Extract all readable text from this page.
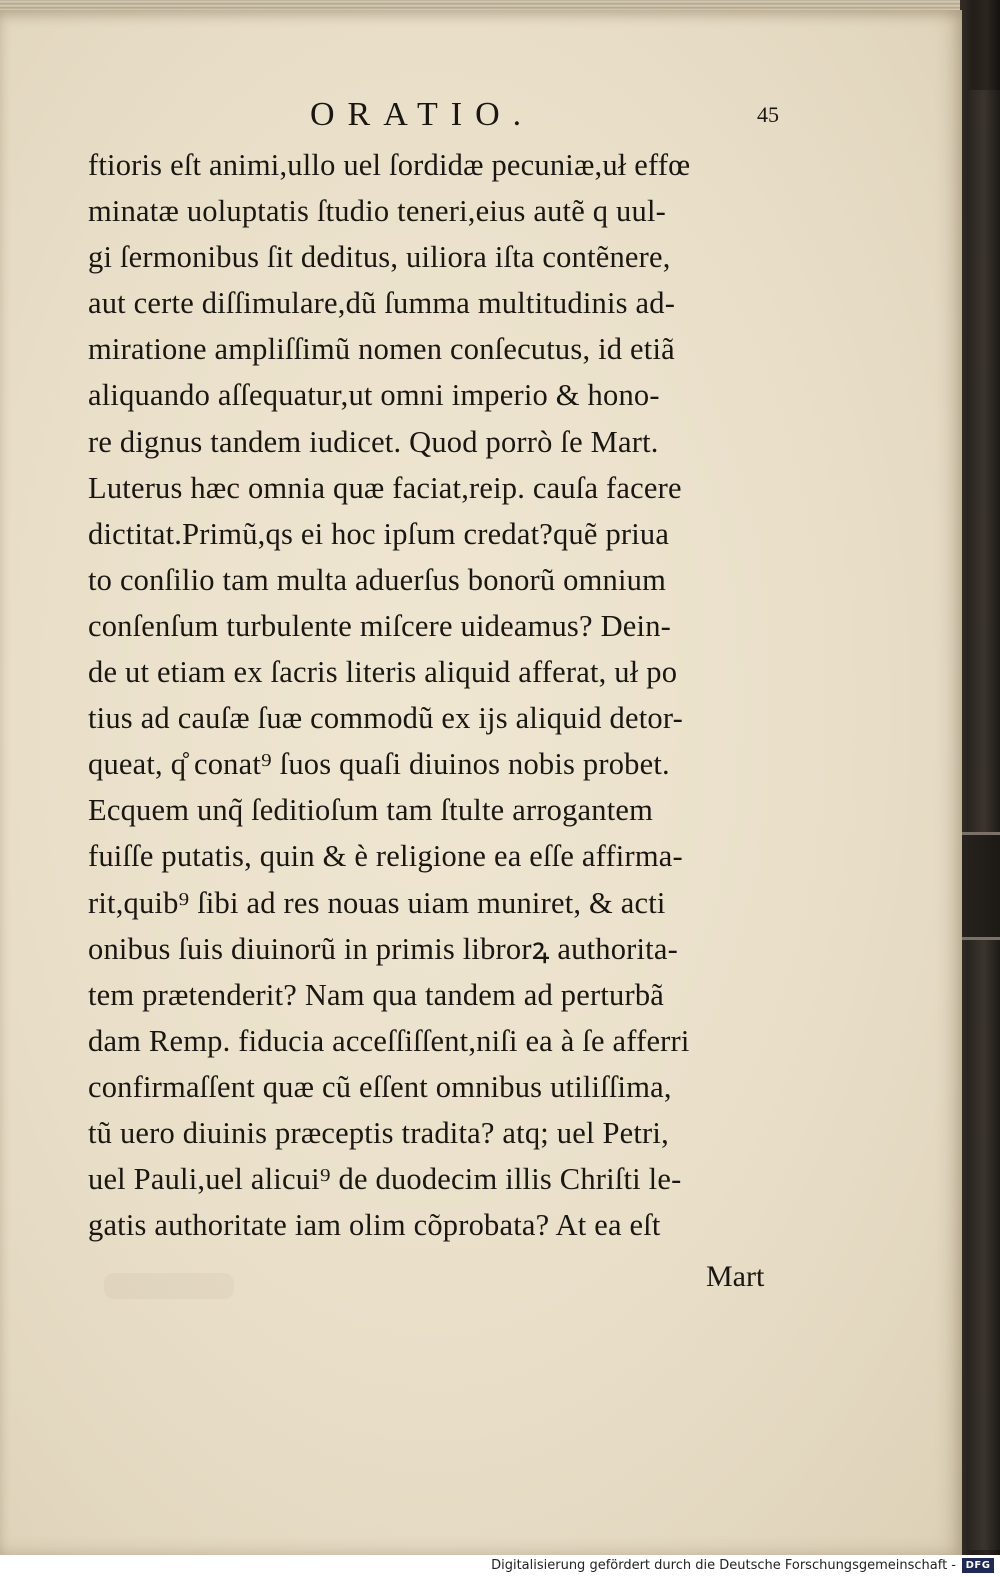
ORATIO.	45
ftioris eſt animi,ullo uel ſordidæ pecuniæ,uł effœ
minatæ uoluptatis ſtudio teneri,eius autẽ q uul-
gi ſermonibus ſit deditus, uiliora iſta contẽnere,
aut certe diſſimulare,dũ ſumma multitudinis ad-
miratione ampliſſimũ nomen conſecutus, id etiã
aliquando aſſequatur,ut omni imperio & hono-
re dignus tandem iudicet. Quod porrò ſe Mart.
Luterus hæc omnia quæ faciat,reip. cauſa facere
dictitat.Primũ,qs ei hoc ipſum credat?quẽ priua
to conſilio tam multa aduerſus bonorũ omnium
conſenſum turbulente miſcere uideamus? Dein-
de ut etiam ex ſacris literis aliquid afferat, uł po
tius ad cauſæ ſuæ commodũ ex ijs aliquid detor-
queat, q̊ conat⁹ ſuos quaſi diuinos nobis probet.
Ecquem unq̃ ſeditioſum tam ſtulte arrogantem
fuiſſe putatis, quin & è religione ea eſſe affirma-
rit,quib⁹ ſibi ad res nouas uiam muniret, & acti
onibus ſuis diuinorũ in primis librorꝝ authorita-
tem prætenderit? Nam qua tandem ad perturbã
dam Remp. fiducia acceſſiſſent,niſi ea à ſe afferri
confirmaſſent quæ cũ eſſent omnibus utiliſſima,
tũ uero diuinis præceptis tradita? atq; uel Petri,
uel Pauli,uel alicui⁹ de duodecim illis Chriſti le-
gatis authoritate iam olim cõprobata? At ea eſt
Mart
Digitalisierung gefördert durch die Deutsche Forschungsgemeinschaft - DFG
